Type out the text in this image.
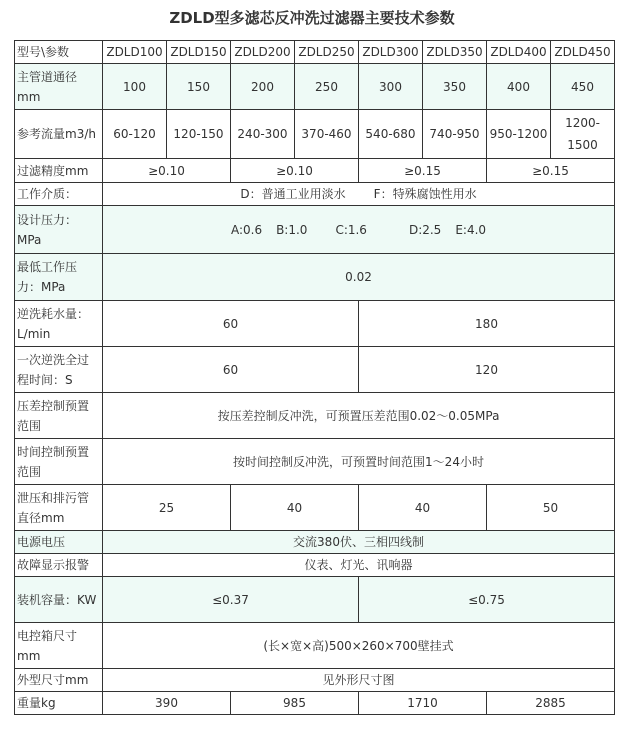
ZDLD型多滤芯反冲洗过滤器主要技术参数
型号\参数	ZDLD100	ZDLD150	ZDLD200	ZDLD250	ZDLD300	ZDLD350	ZDLD400	ZDLD450
主管道通径mm	100	150	200	250	300	350	400	450
参考流量m3/h	60-120	120-150	240-300	370-460	540-680	740-950	950-1200	1200-1500
过滤精度mm	≥0.10		≥0.10		≥0.15		≥0.15	
工作介质：	D：普通工业用淡水 F：特殊腐蚀性用水							
设计压力：MPa	A:0.6 B:1.0 C:1.6 D:2.5 E:4.0							
最低工作压力：MPa	0.02							
逆洗耗水量：L/min	60				180			
一次逆洗全过程时间：S	60				120			
压差控制预置范围	按压差控制反冲洗，可预置压差范围0.02～0.05MPa							
时间控制预置范围	按时间控制反冲洗，可预置时间范围1～24小时							
泄压和排污管直径mm	25		40		40		50	
电源电压	交流380伏、三相四线制							
故障显示报警	仪表、灯光、讯响器							
装机容量：KW	≤0.37				≤0.75			
电控箱尺寸mm	(长×宽×高)500×260×700壁挂式							
外型尺寸mm	见外形尺寸图							
重量kg	390		985		1710		2885	
